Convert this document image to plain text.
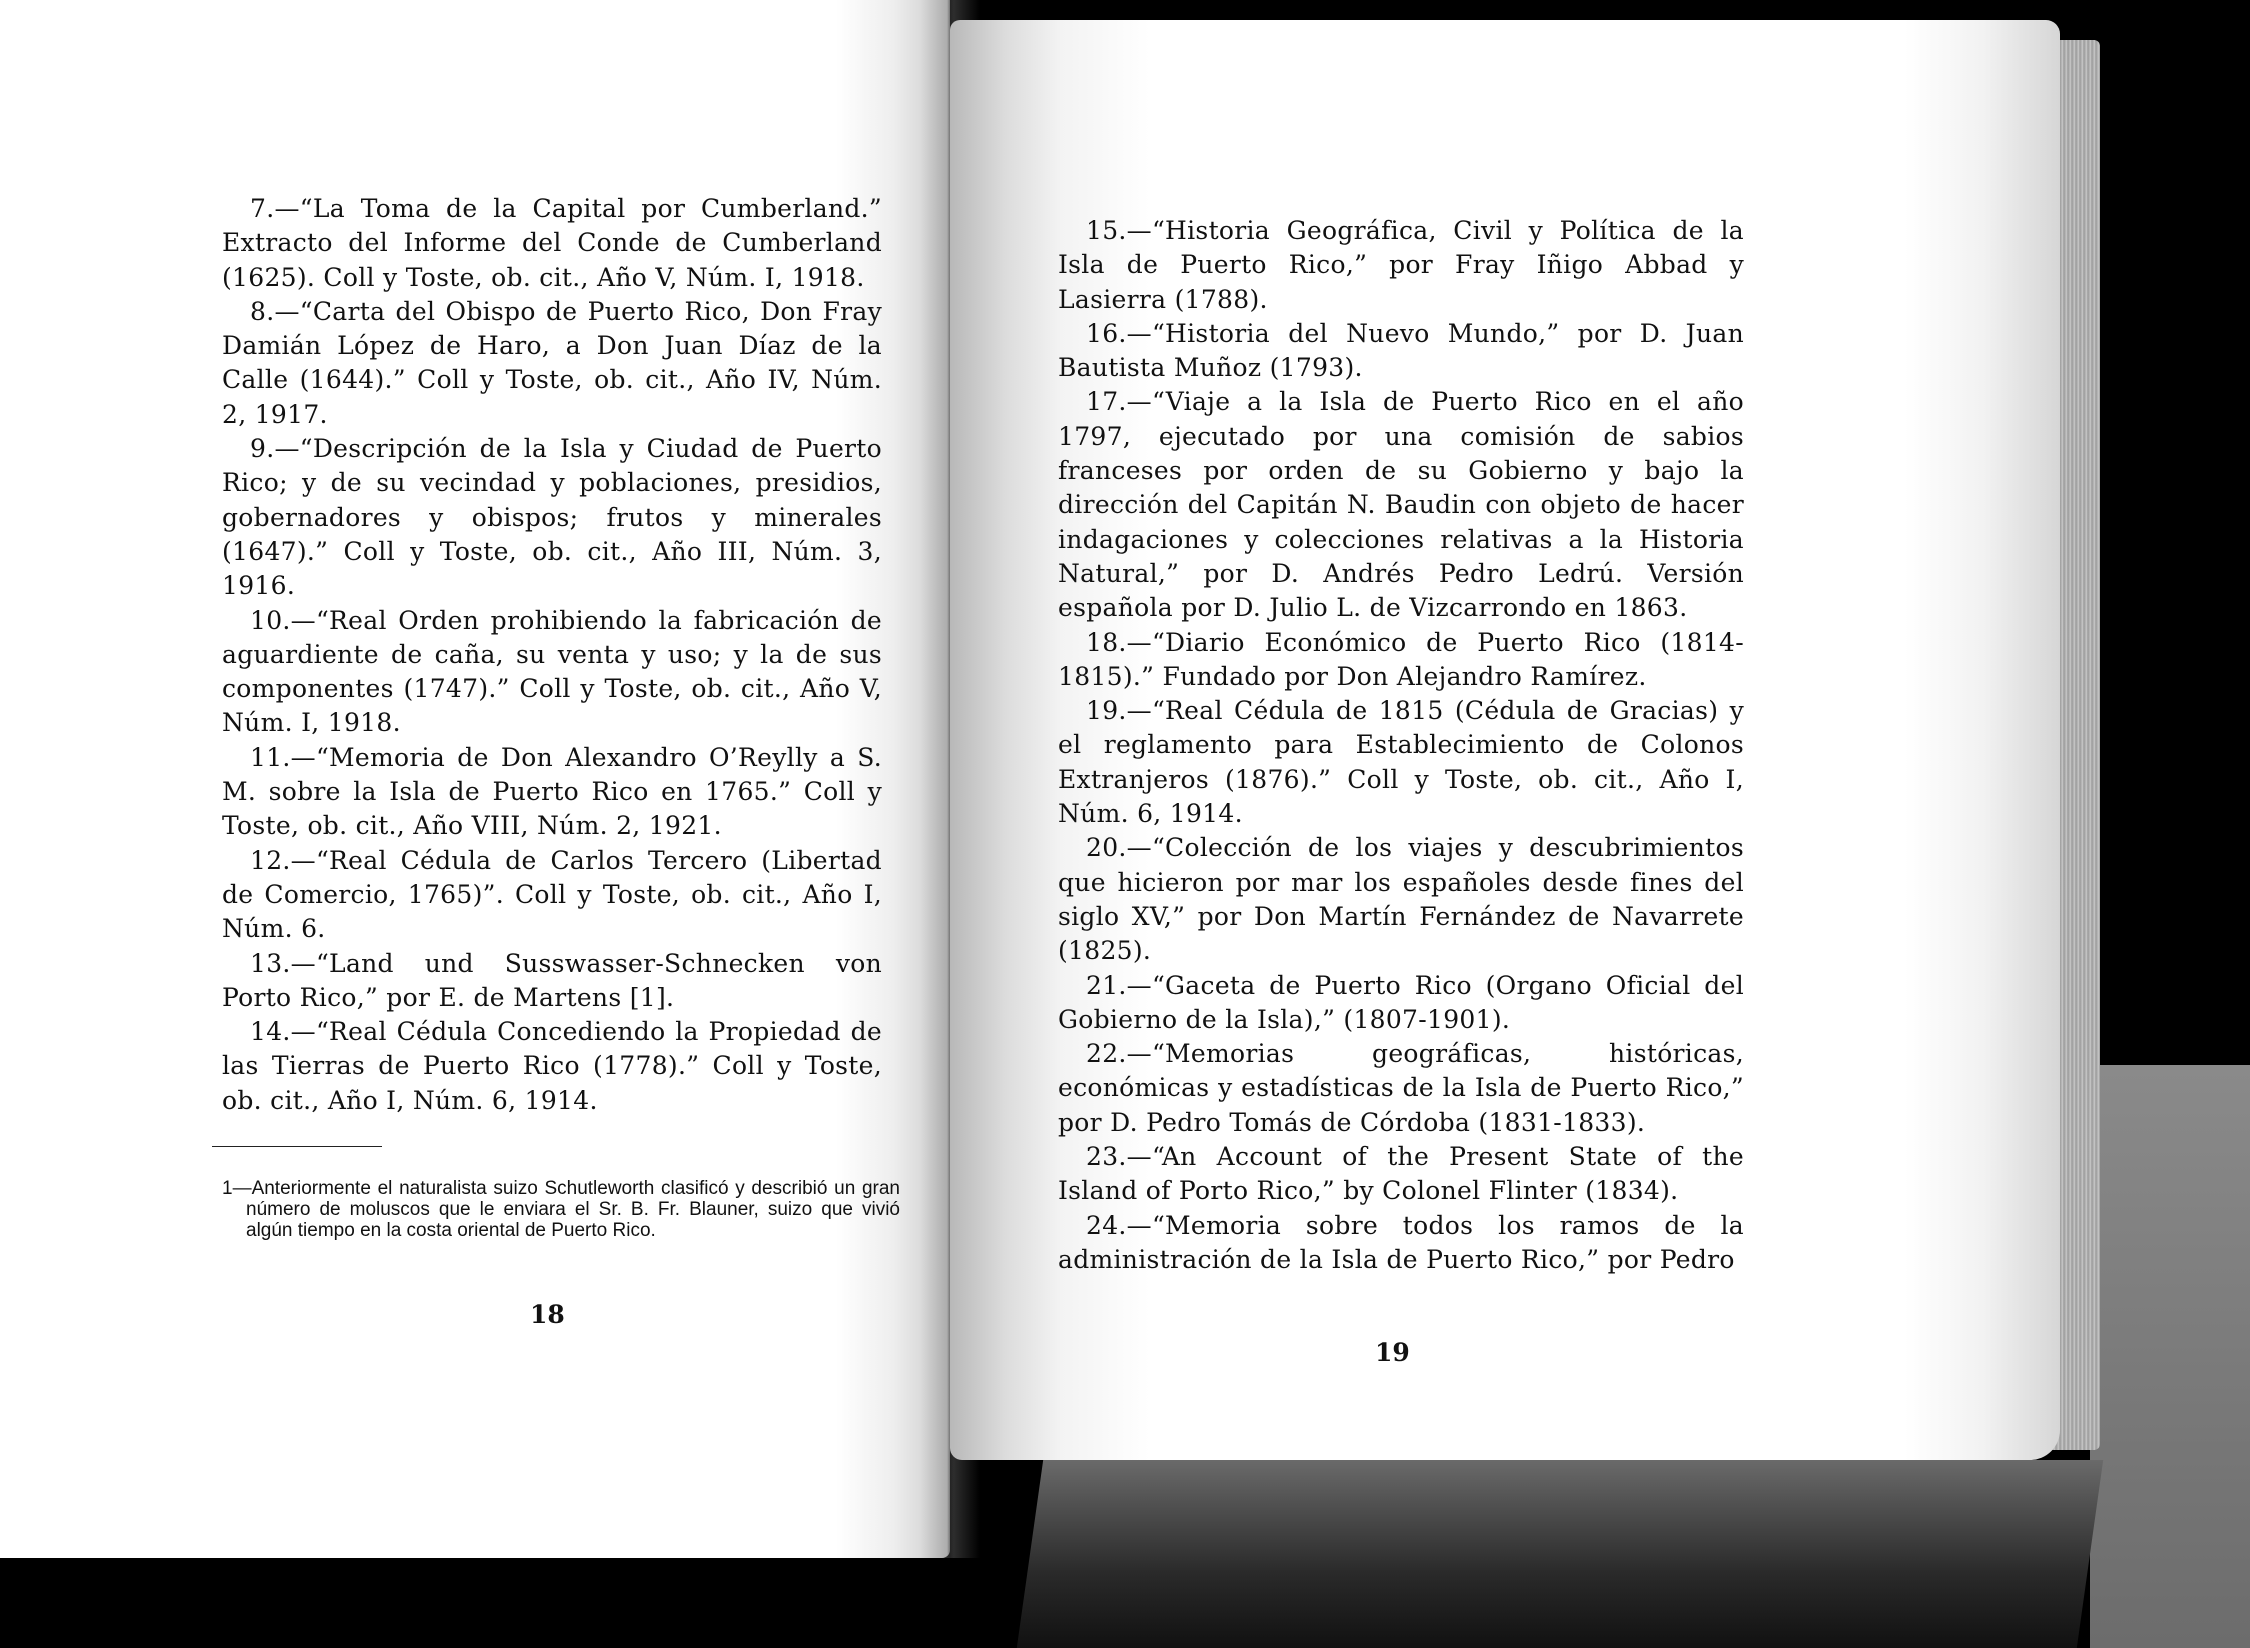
7.—“La Toma de la Capital por Cumberland.” Extracto del Informe del Conde de Cumberland (1625). Coll y Toste, ob. cit., Año V, Núm. I, 1918.

8.—“Carta del Obispo de Puerto Rico, Don Fray Damián López de Haro, a Don Juan Díaz de la Calle (1644).” Coll y Toste, ob. cit., Año IV, Núm. 2, 1917.

9.—“Descripción de la Isla y Ciudad de Puerto Rico; y de su vecindad y poblaciones, presidios, gobernadores y obispos; frutos y minerales (1647).” Coll y Toste, ob. cit., Año III, Núm. 3, 1916.

10.—“Real Orden prohibiendo la fabricación de aguardiente de caña, su venta y uso; y la de sus componentes (1747).” Coll y Toste, ob. cit., Año V, Núm. I, 1918.

11.—“Memoria de Don Alexandro O’Reylly a S. M. sobre la Isla de Puerto Rico en 1765.” Coll y Toste, ob. cit., Año VIII, Núm. 2, 1921.

12.—“Real Cédula de Carlos Tercero (Libertad de Comercio, 1765)”. Coll y Toste, ob. cit., Año I, Núm. 6.

13.—“Land und Susswasser-Schnecken von Porto Rico,” por E. de Martens [1].

14.—“Real Cédula Concediendo la Propiedad de las Tierras de Puerto Rico (1778).” Coll y Toste, ob. cit., Año I, Núm. 6, 1914.

1—Anteriormente el naturalista suizo Schutleworth clasificó y describió un gran número de moluscos que le enviara el Sr. B. Fr. Blauner, suizo que vivió algún tiempo en la costa oriental de Puerto Rico.
18

15.—“Historia Geográfica, Civil y Política de la Isla de Puerto Rico,” por Fray Iñigo Abbad y Lasierra (1788).

16.—“Historia del Nuevo Mundo,” por D. Juan Bautista Muñoz (1793).

17.—“Viaje a la Isla de Puerto Rico en el año 1797, ejecutado por una comisión de sabios franceses por orden de su Gobierno y bajo la dirección del Capitán N. Baudin con objeto de hacer indagaciones y colecciones relativas a la Historia Natural,” por D. Andrés Pedro Ledrú. Versión española por D. Julio L. de Vizcarrondo en 1863.

18.—“Diario Económico de Puerto Rico (1814-1815).” Fundado por Don Alejandro Ramírez.

19.—“Real Cédula de 1815 (Cédula de Gracias) y el reglamento para Establecimiento de Colonos Extranjeros (1876).” Coll y Toste, ob. cit., Año I, Núm. 6, 1914.

20.—“Colección de los viajes y descubrimientos que hicieron por mar los españoles desde fines del siglo XV,” por Don Martín Fernández de Navarrete (1825).

21.—“Gaceta de Puerto Rico (Organo Oficial del Gobierno de la Isla),” (1807-1901).

22.—“Memorias geográficas, históricas, económicas y estadísticas de la Isla de Puerto Rico,” por D. Pedro Tomás de Córdoba (1831-1833).

23.—“An Account of the Present State of the Island of Porto Rico,” by Colonel Flinter (1834).

24.—“Memoria sobre todos los ramos de la administración de la Isla de Puerto Rico,” por Pedro

19
